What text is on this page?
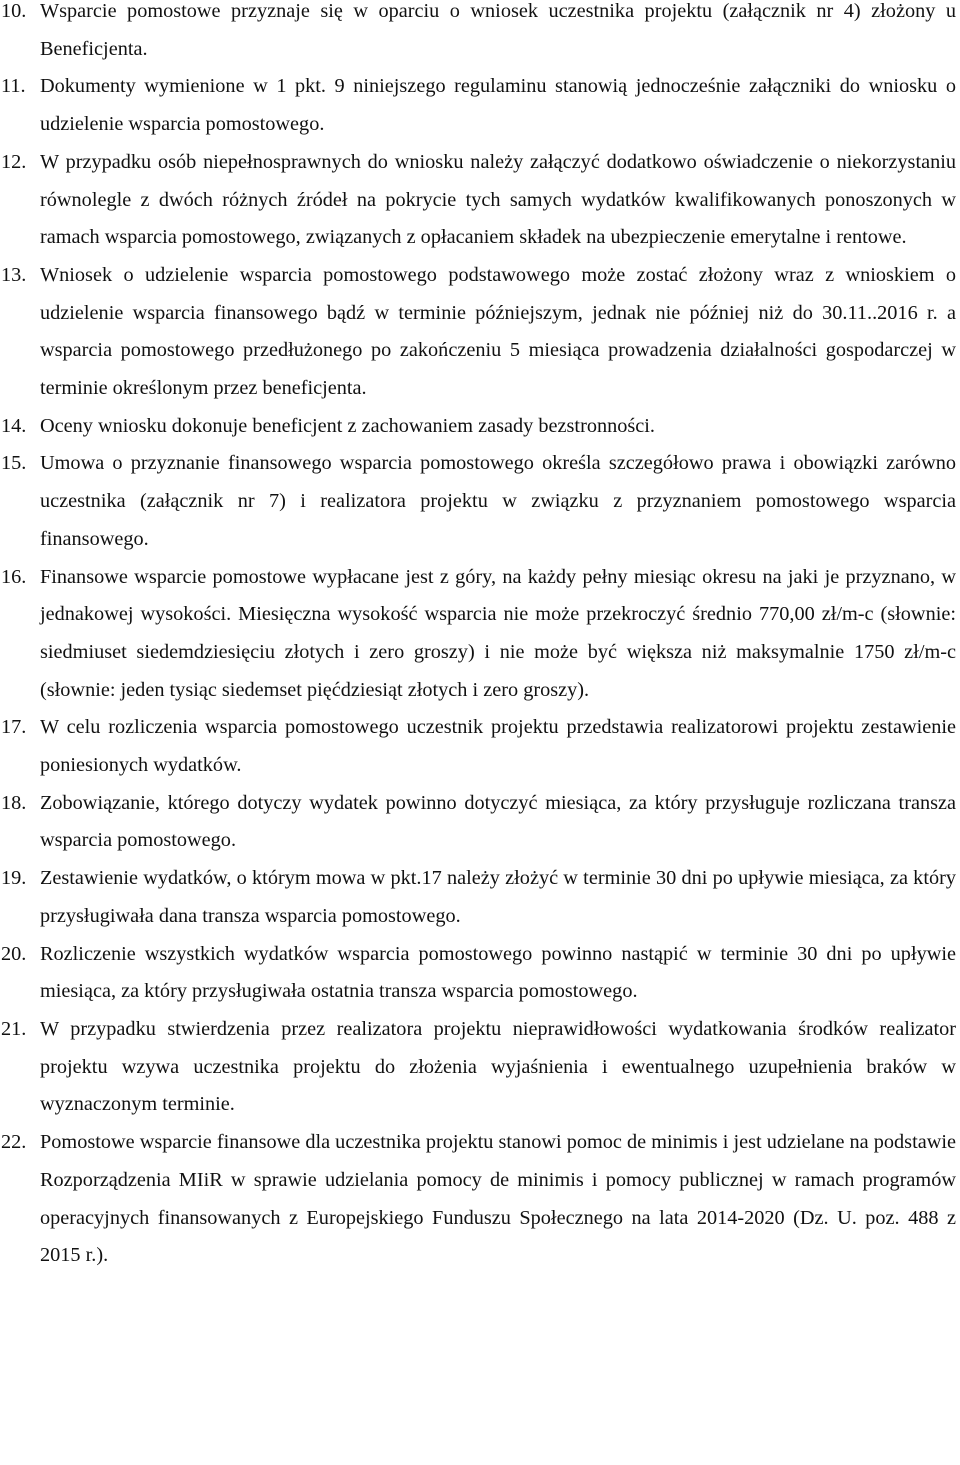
10. Wsparcie pomostowe przyznaje się w oparciu o wniosek uczestnika projektu (załącznik nr 4) złożony u Beneficjenta.
11. Dokumenty wymienione w 1 pkt. 9 niniejszego regulaminu stanowią jednocześnie załączniki do wniosku o udzielenie wsparcia pomostowego.
12. W przypadku osób niepełnosprawnych do wniosku należy załączyć dodatkowo oświadczenie o niekorzystaniu równolegle z dwóch różnych źródeł na pokrycie tych samych wydatków kwalifikowanych ponoszonych w ramach wsparcia pomostowego, związanych z opłacaniem składek na ubezpieczenie emerytalne i rentowe.
13. Wniosek o udzielenie wsparcia pomostowego podstawowego może zostać złożony wraz z wnioskiem o udzielenie wsparcia finansowego bądź w terminie późniejszym, jednak nie później niż do 30.11..2016 r. a wsparcia pomostowego przedłużonego po zakończeniu 5 miesiąca prowadzenia działalności gospodarczej w terminie określonym przez beneficjenta.
14. Oceny wniosku dokonuje beneficjent z zachowaniem zasady bezstronności.
15. Umowa o przyznanie finansowego wsparcia pomostowego określa szczegółowo prawa i obowiązki zarówno uczestnika (załącznik nr 7) i realizatora projektu w związku z przyznaniem pomostowego wsparcia finansowego.
16. Finansowe wsparcie pomostowe wypłacane jest z góry, na każdy pełny miesiąc okresu na jaki je przyznano, w jednakowej wysokości. Miesięczna wysokość wsparcia nie może przekroczyć średnio 770,00 zł/m-c (słownie: siedmiuset siedemdziesięciu złotych i zero groszy) i nie może być większa niż maksymalnie 1750 zł/m-c (słownie: jeden tysiąc siedemset pięćdziesiąt złotych i zero groszy).
17. W celu rozliczenia wsparcia pomostowego uczestnik projektu przedstawia realizatorowi projektu zestawienie poniesionych wydatków.
18. Zobowiązanie, którego dotyczy wydatek powinno dotyczyć miesiąca, za który przysługuje rozliczana transza wsparcia pomostowego.
19. Zestawienie wydatków, o którym mowa w pkt.17 należy złożyć w terminie 30 dni po upływie miesiąca, za który przysługiwała dana transza wsparcia pomostowego.
20. Rozliczenie wszystkich wydatków wsparcia pomostowego powinno nastąpić w terminie 30 dni po upływie miesiąca, za który przysługiwała ostatnia transza wsparcia pomostowego.
21. W przypadku stwierdzenia przez realizatora projektu nieprawidłowości wydatkowania środków realizator projektu wzywa uczestnika projektu do złożenia wyjaśnienia i ewentualnego uzupełnienia braków w wyznaczonym terminie.
22. Pomostowe wsparcie finansowe dla uczestnika projektu stanowi pomoc de minimis i jest udzielane na podstawie Rozporządzenia MIiR w sprawie udzielania pomocy de minimis i pomocy publicznej w ramach programów operacyjnych finansowanych z Europejskiego Funduszu Społecznego na lata 2014-2020 (Dz. U. poz. 488 z 2015 r.).
